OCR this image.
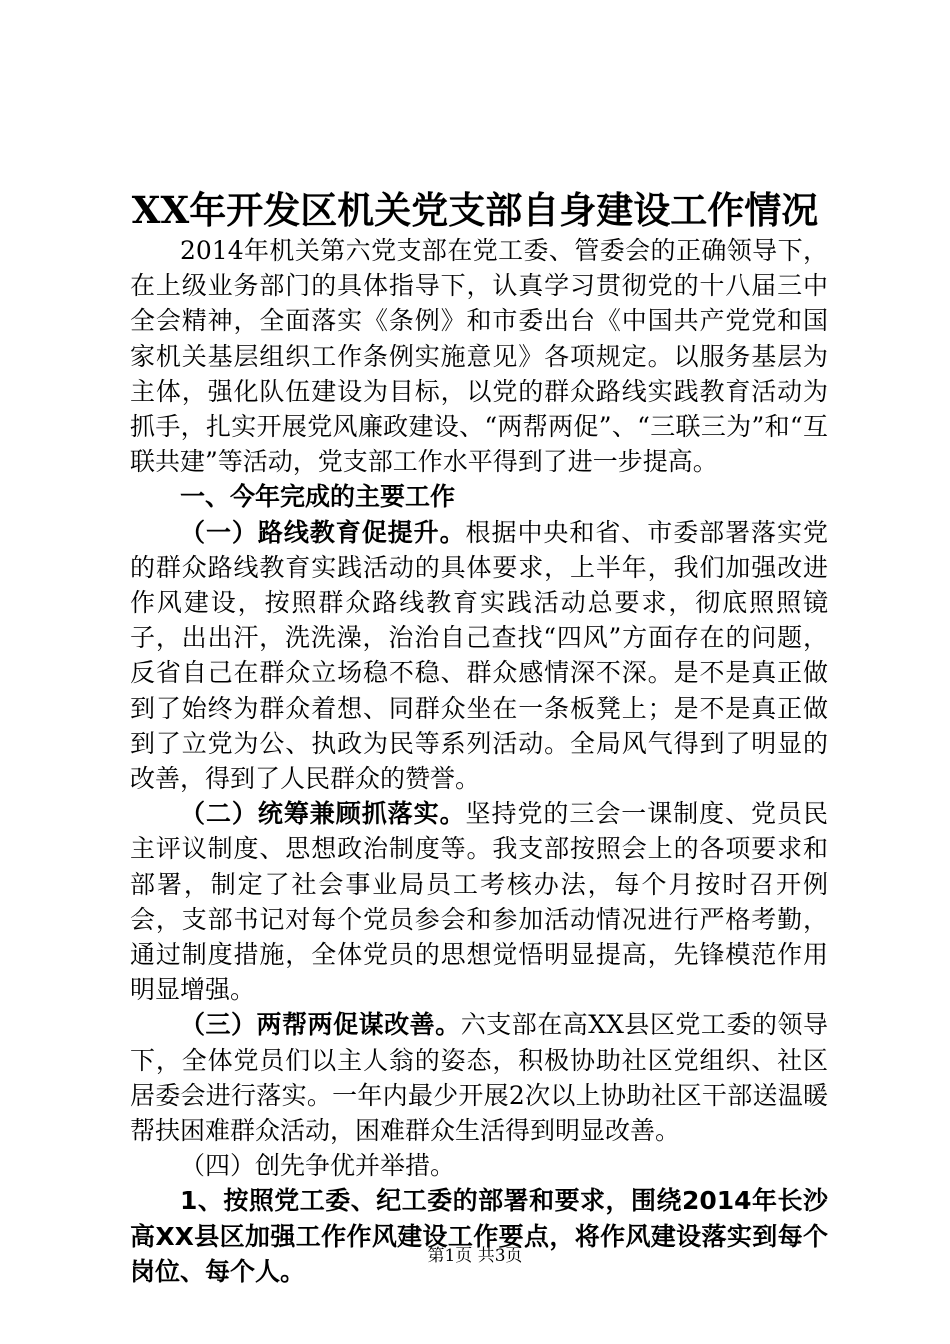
XX年开发区机关党支部自身建设工作情况

2014年机关第六党支部在党工委、管委会的正确领导下，在上级业务部门的具体指导下，认真学习贯彻党的十八届三中全会精神，全面落实《条例》和市委出台《中国共产党党和国家机关基层组织工作条例实施意见》各项规定。以服务基层为主体，强化队伍建设为目标，以党的群众路线实践教育活动为抓手，扎实开展党风廉政建设、“两帮两促”、“三联三为”和“互联共建”等活动，党支部工作水平得到了进一步提高。

一、今年完成的主要工作

（一）路线教育促提升。根据中央和省、市委部署落实党的群众路线教育实践活动的具体要求，上半年，我们加强改进作风建设，按照群众路线教育实践活动总要求，彻底照照镜子，出出汗，洗洗澡，治治自己查找“四风”方面存在的问题，反省自己在群众立场稳不稳、群众感情深不深。是不是真正做到了始终为群众着想、同群众坐在一条板凳上；是不是真正做到了立党为公、执政为民等系列活动。全局风气得到了明显的改善，得到了人民群众的赞誉。

（二）统筹兼顾抓落实。坚持党的三会一课制度、党员民主评议制度、思想政治制度等。我支部按照会上的各项要求和部署，制定了社会事业局员工考核办法，每个月按时召开例会，支部书记对每个党员参会和参加活动情况进行严格考勤，通过制度措施，全体党员的思想觉悟明显提高，先锋模范作用明显增强。

（三）两帮两促谋改善。六支部在高XX县区党工委的领导下，全体党员们以主人翁的姿态，积极协助社区党组织、社区居委会进行落实。一年内最少开展2次以上协助社区干部送温暖帮扶困难群众活动，困难群众生活得到明显改善。

（四）创先争优并举措。

1、按照党工委、纪工委的部署和要求，围绕2014年长沙高XX县区加强工作作风建设工作要点，将作风建设落实到每个岗位、每个人。

第1页 共3页
